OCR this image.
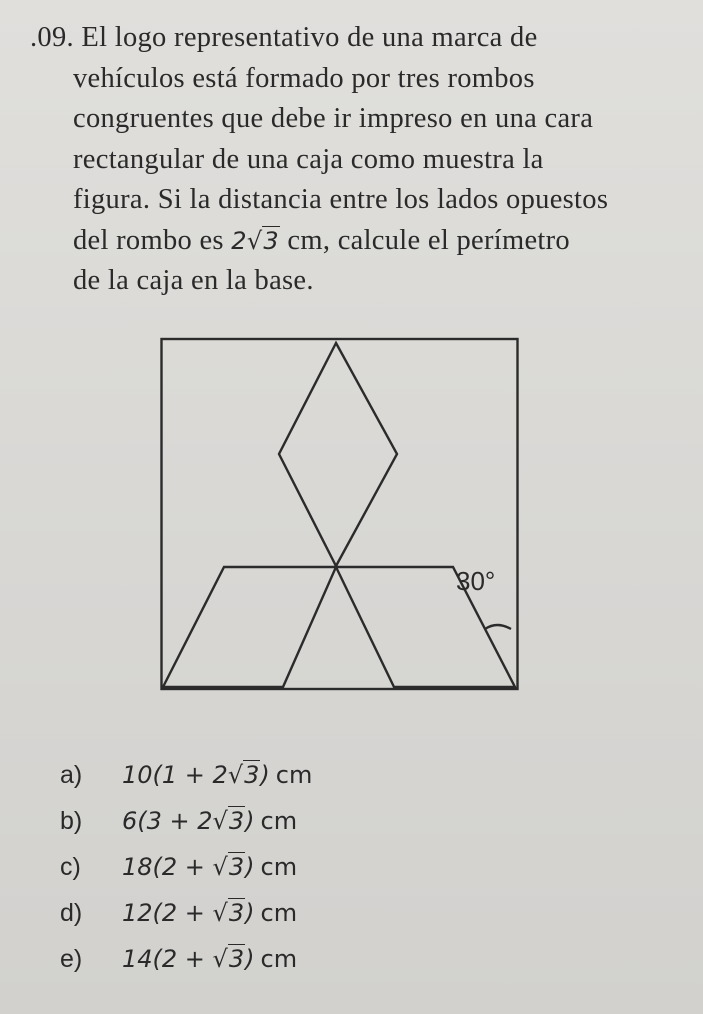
.09. El logo representativo de una marca de
vehículos está formado por tres rombos
congruentes que debe ir impreso en una cara
rectangular de una caja como muestra la
figura. Si la distancia entre los lados opuestos
del rombo es 2√3 cm, calcule el perímetro
de la caja en la base.
30°
a)	10(1 + 2√3) cm
b)	6(3 + 2√3) cm
c)	18(2 + √3) cm
d)	12(2 + √3) cm
e)	14(2 + √3) cm
